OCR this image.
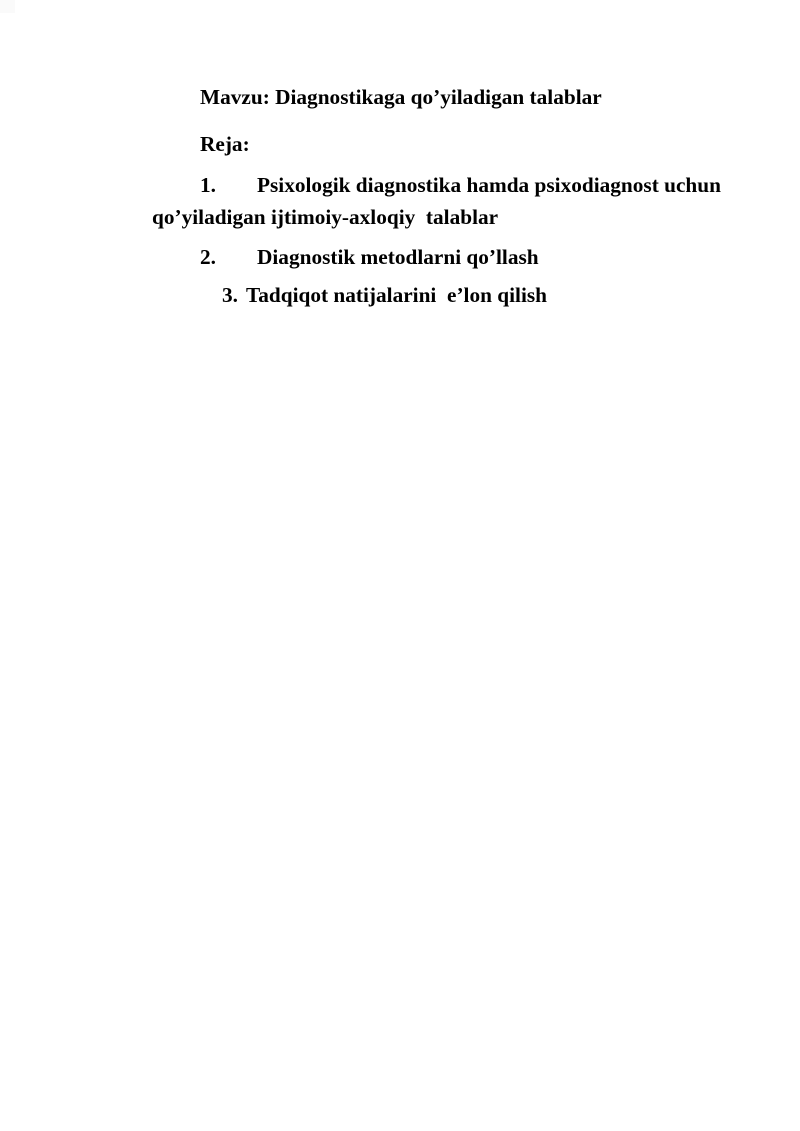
Mavzu: Diagnostikaga qo’yiladigan talablar

Reja:

1. Psixologik diagnostika hamda psixodiagnost uchun
qo’yiladigan ijtimoiy-axloqiy  talablar
2. Diagnostik metodlarni qo’llash
3. Tadqiqot natijalarini  e’lon qilish
